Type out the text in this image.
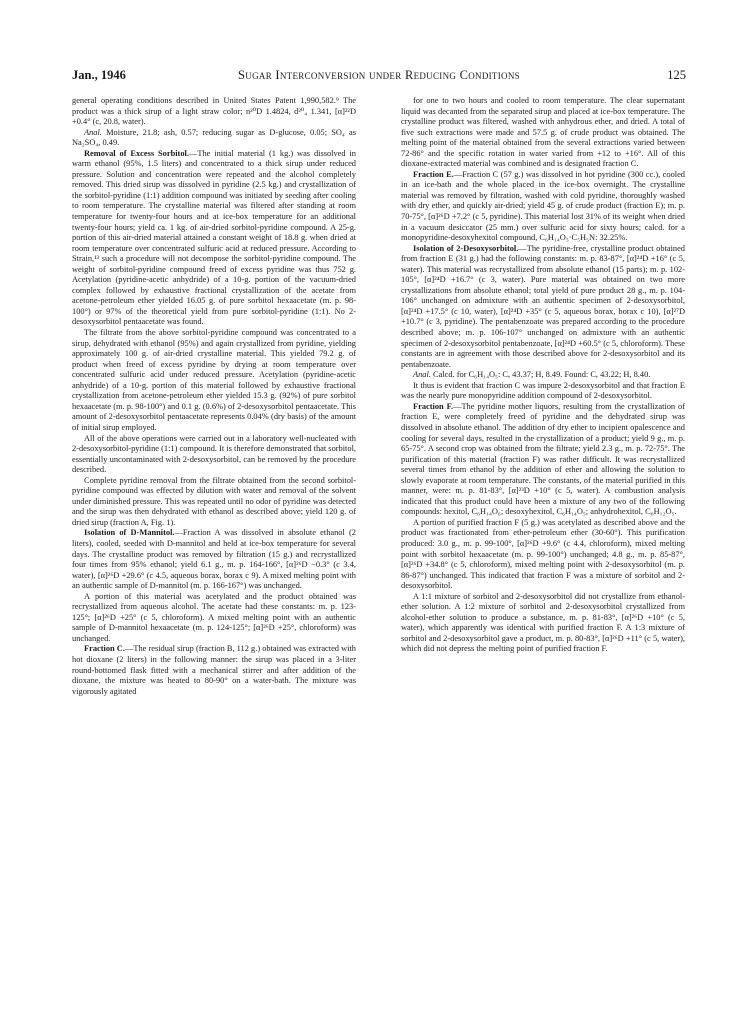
Jan., 1946	Sugar Interconversion under Reducing Conditions	125

general operating conditions described in United States Patent 1,990,582.⁹ The product was a thick sirup of a light straw color; n²⁰D 1.4824, d²⁰₄ 1.341, [α]²²D +0.4° (c, 20.8, water).

Anal. Moisture, 21.8; ash, 0.57; reducing sugar as D-glucose, 0.05; SO₄ as Na₂SO₄, 0.49.

Removal of Excess Sorbitol.—The initial material (1 kg.) was dissolved in warm ethanol (95%, 1.5 liters) and concentrated to a thick sirup under reduced pressure. Solution and concentration were repeated and the alcohol completely removed. This dried sirup was dissolved in pyridine (2.5 kg.) and crystallization of the sorbitol-pyridine (1:1) addition compound was initiated by seeding after cooling to room temperature. The crystalline material was filtered after standing at room temperature for twenty-four hours and at ice-box temperature for an additional twenty-four hours; yield ca. 1 kg. of air-dried sorbitol-pyridine compound. A 25-g. portion of this air-dried material attained a constant weight of 18.8 g. when dried at room temperature over concentrated sulfuric acid at reduced pressure. According to Strain,¹³ such a procedure will not decompose the sorbitol-pyridine compound. The weight of sorbitol-pyridine compound freed of excess pyridine was thus 752 g. Acetylation (pyridine-acetic anhydride) of a 10-g. portion of the vacuum-dried complex followed by exhaustive fractional crystallization of the acetate from acetone-petroleum ether yielded 16.05 g. of pure sorbitol hexaacetate (m. p. 98-100°) or 97% of the theoretical yield from pure sorbitol-pyridine (1:1). No 2-desoxysorbitol pentaacetate was found.

The filtrate from the above sorbitol-pyridine compound was concentrated to a sirup, dehydrated with ethanol (95%) and again crystallized from pyridine, yielding approximately 100 g. of air-dried crystalline material. This yielded 79.2 g. of product when freed of excess pyridine by drying at room temperature over concentrated sulfuric acid under reduced pressure. Acetylation (pyridine-acetic anhydride) of a 10-g. portion of this material followed by exhaustive fractional crystallization from acetone-petroleum ether yielded 15.3 g. (92%) of pure sorbitol hexaacetate (m. p. 98-100°) and 0.1 g. (0.6%) of 2-desoxysorbitol pentaacetate. This amount of 2-desoxysorbitol pentaacetate represents 0.04% (dry basis) of the amount of initial sirup employed.

All of the above operations were carried out in a laboratory well-nucleated with 2-desoxysorbitol-pyridine (1:1) compound. It is therefore demonstrated that sorbitol, essentially uncontaminated with 2-desoxysorbitol, can be removed by the procedure described.

Complete pyridine removal from the filtrate obtained from the second sorbitol-pyridine compound was effected by dilution with water and removal of the solvent under diminished pressure. This was repeated until no odor of pyridine was detected and the sirup was then dehydrated with ethanol as described above; yield 120 g. of dried sirup (fraction A, Fig. 1).

Isolation of D-Mannitol.—Fraction A was dissolved in absolute ethanol (2 liters), cooled, seeded with D-mannitol and held at ice-box temperature for several days. The crystalline product was removed by filtration (15 g.) and recrystallized four times from 95% ethanol; yield 6.1 g., m. p. 164-166°, [α]²⁶D −0.3° (c 3.4, water), [α]²⁶D +29.6° (c 4.5, aqueous borax, borax c 9). A mixed melting point with an authentic sample of D-mannitol (m. p. 166-167°) was unchanged.

A portion of this material was acetylated and the product obtained was recrystallized from aqueous alcohol. The acetate had these constants: m. p. 123-125°; [α]²⁶D +25° (c 5, chloroform). A mixed melting point with an authentic sample of D-mannitol hexaacetate (m. p. 124-125°; [α]²⁶D +25°, chloroform) was unchanged.

Fraction C.—The residual sirup (fraction B, 112 g.) obtained was extracted with hot dioxane (2 liters) in the following manner: the sirup was placed in a 3-liter round-bottomed flask fitted with a mechanical stirrer and after addition of the dioxane, the mixture was heated to 80-90° on a water-bath. The mixture was vigorously agitated

for one to two hours and cooled to room temperature. The clear supernatant liquid was decanted from the separated sirup and placed at ice-box temperature. The crystalline product was filtered, washed with anhydrous ether, and dried. A total of five such extractions were made and 57.5 g. of crude product was obtained. The melting point of the material obtained from the several extractions varied between 72-86° and the specific rotation in water varied from +12 to +16°. All of this dioxane-extracted material was combined and is designated fraction C.

Fraction E.—Fraction C (57 g.) was dissolved in hot pyridine (300 cc.), cooled in an ice-bath and the whole placed in the ice-box overnight. The crystalline material was removed by filtration, washed with cold pyridine, thoroughly washed with dry ether, and quickly air-dried; yield 45 g. of crude product (fraction E); m. p. 70-75°, [α]²⁶D +7.2° (c 5, pyridine). This material lost 31% of its weight when dried in a vacuum desiccator (25 mm.) over sulfuric acid for sixty hours; calcd. for a monopyridine-desoxyhexitol compound, C₆H₁₄O₅·C₅H₅N: 32.25%.

Isolation of 2-Desoxysorbitol.—The pyridine-free, crystalline product obtained from fraction E (31 g.) had the following constants: m. p. 83-87°, [α]²⁴D +16° (c 5, water). This material was recrystallized from absolute ethanol (15 parts); m. p. 102-105°, [α]²⁴D +16.7° (c 3, water). Pure material was obtained on two more crystallizations from absolute ethanol; total yield of pure product 28 g., m. p. 104-106° unchanged on admixture with an authentic specimen of 2-desoxysorbitol, [α]²⁴D +17.5° (c 10, water), [α]²⁴D +35° (c 5, aqueous borax, borax c 10), [α]²⁷D +10.7° (c 3, pyridine). The pentabenzoate was prepared according to the procedure described above; m. p. 106-107° unchanged on admixture with an authentic specimen of 2-desoxysorbitol pentabenzoate, [α]²⁴D +60.5° (c 5, chloroform). These constants are in agreement with those described above for 2-desoxysorbitol and its pentabenzoate.

Anal. Calcd. for C₆H₁₄O₅: C, 43.37; H, 8.49. Found: C, 43.22; H, 8.40.

It thus is evident that fraction C was impure 2-desoxysorbitol and that fraction E was the nearly pure monopyridine addition compound of 2-desoxysorbitol.

Fraction F.—The pyridine mother liquors, resulting from the crystallization of fraction E, were completely freed of pyridine and the dehydrated sirup was dissolved in absolute ethanol. The addition of dry ether to incipient opalescence and cooling for several days, resulted in the crystallization of a product; yield 9 g., m. p. 65-75°. A second crop was obtained from the filtrate; yield 2.3 g., m. p. 72-75°. The purification of this material (fraction F) was rather difficult. It was recrystallized several times from ethanol by the addition of ether and allowing the solution to slowly evaporate at room temperature. The constants, of the material purified in this manner, were: m. p. 81-83°, [α]²³D +10° (c 5, water). A combustion analysis indicated that this product could have been a mixture of any two of the following compounds: hexitol, C₆H₁₄O₆; desoxyhexitol, C₆H₁₄O₅; anhydrohexitol, C₆H₁₂O₅.

A portion of purified fraction F (5 g.) was acetylated as described above and the product was fractionated from ether-petroleum ether (30-60°). This purification produced: 3.0 g., m. p. 99-100°, [α]²⁶D +9.6° (c 4.4, chloroform), mixed melting point with sorbitol hexaacetate (m. p. 99-100°) unchanged; 4.8 g., m. p. 85-87°, [α]²⁶D +34.8° (c 5, chloroform), mixed melting point with 2-desoxysorbitol (m. p. 86-87°) unchanged. This indicated that fraction F was a mixture of sorbitol and 2-desoxysorbitol.

A 1:1 mixture of sorbitol and 2-desoxysorbitol did not crystallize from ethanol-ether solution. A 1:2 mixture of sorbitol and 2-desoxysorbitol crystallized from alcohol-ether solution to produce a substance, m. p. 81-83°, [α]²⁶D +10° (c 5, water), which apparently was identical with purified fraction F. A 1:3 mixture of sorbitol and 2-desoxysorbitol gave a product, m. p. 80-83°, [α]²⁶D +11° (c 5, water), which did not depress the melting point of purified fraction F.
